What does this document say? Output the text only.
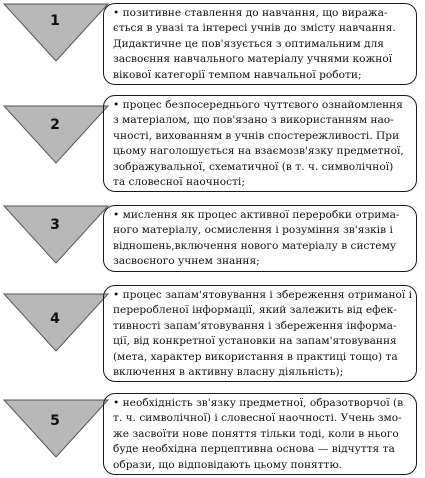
1	• позитивне ставлення до навчання, що виража-
ється в увазі та інтересі учнів до змісту навчання.
Дидактичне це пов'язується з оптимальним для
засвоєння навчального матеріалу учнями кожної
вікової категорії темпом навчальної роботи;
2
• процес безпосереднього чуттєвого ознайомлення
з матеріалом, що пов'язано з використанням нао-
чності, вихованням в учнів спостережливості. При
цьому наголошується на взаємозв'язку предметної,
зображувальної, схематичної (в т. ч. символічної)
та словесної наочності;
3
• мислення як процес активної переробки отрима-
ного матеріалу, осмислення і розуміння зв'язків і
відношень,включення нового матеріалу в систему
засвоєного учнем знання;
4
• процес запам'ятовування і збереження отриманої і
переробленої інформації, який залежить від ефек-
тивності запам'ятовування і збереження інформа-
ції, від конкретної установки на запам'ятовування
(мета, характер використання в практиці тощо) та
включення в активну власну діяльність);
5
• необхідність зв'язку предметної, образотворчої (в
т. ч. символічної) і словесної наочності. Учень змо-
же засвоїти нове поняття тільки тоді, коли в нього
буде необхідна перцептивна основа — відчуття та
образи, що відповідають цьому поняттю.
